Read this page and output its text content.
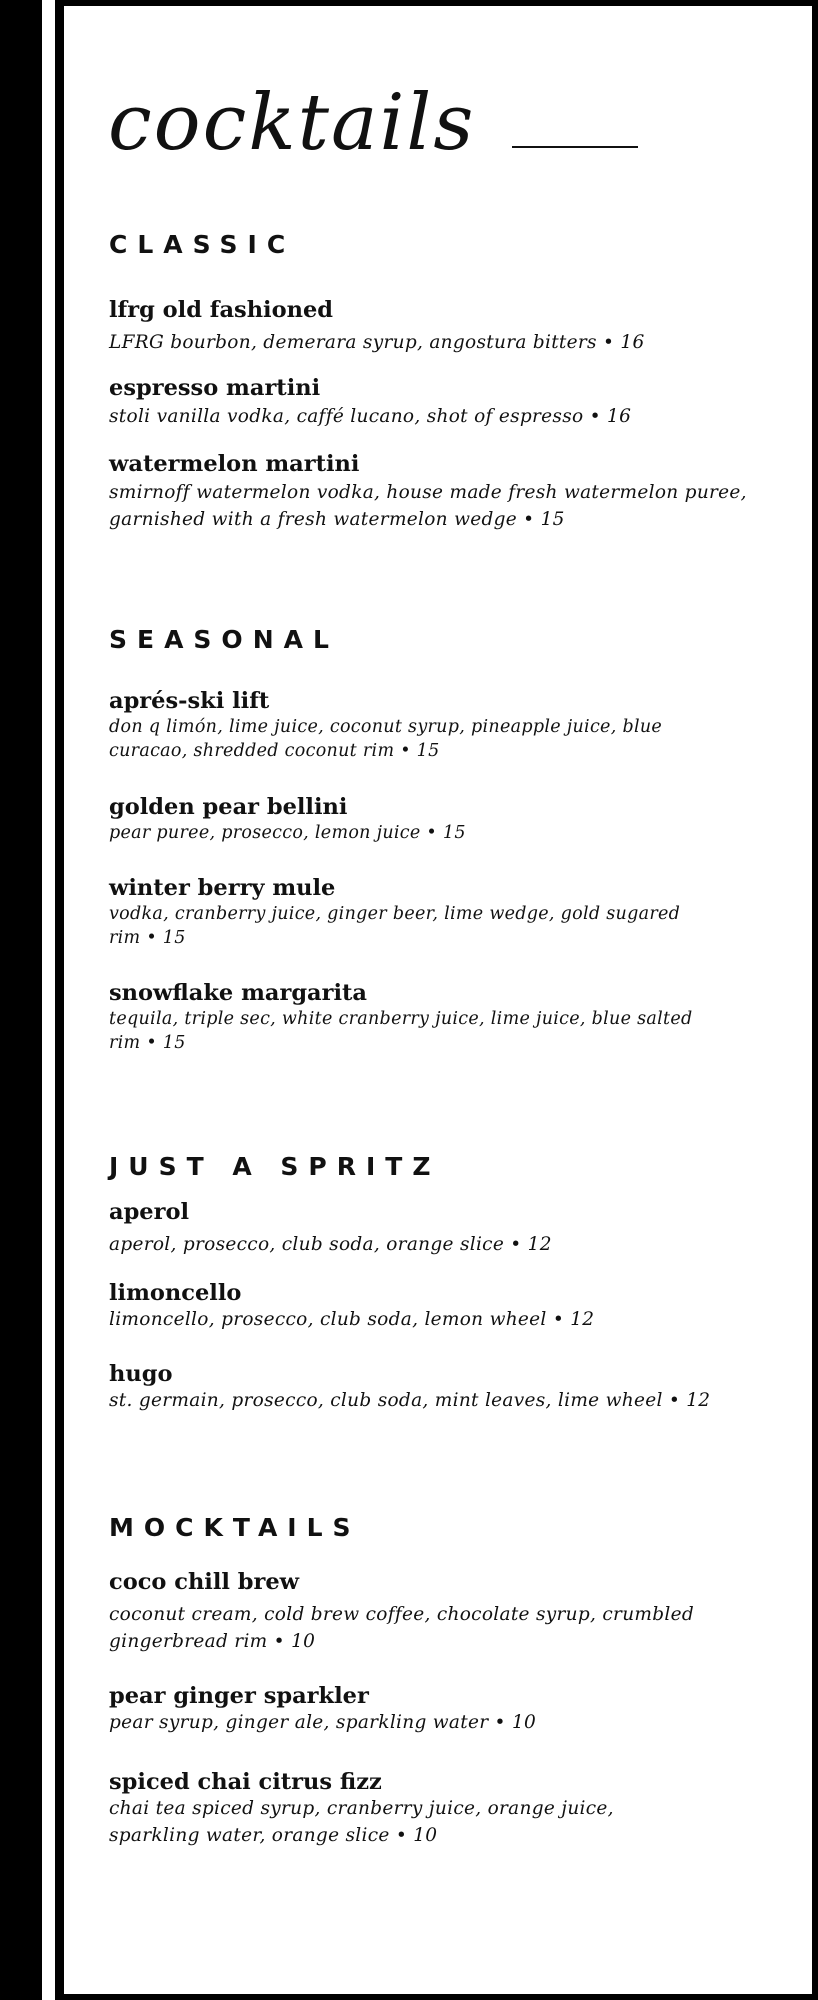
cocktails
CLASSIC
lfrg old fashioned
LFRG bourbon, demerara syrup, angostura bitters • 16
espresso martini
stoli vanilla vodka, caffé lucano, shot of espresso • 16
watermelon martini
smirnoff watermelon vodka, house made fresh watermelon puree, garnished with a fresh watermelon wedge • 15
SEASONAL
aprés-ski lift
don q limón, lime juice, coconut syrup, pineapple juice, blue curacao, shredded coconut rim • 15
golden pear bellini
pear puree, prosecco, lemon juice • 15
winter berry mule
vodka, cranberry juice, ginger beer, lime wedge, gold sugared rim • 15
snowflake margarita
tequila, triple sec, white cranberry juice, lime juice, blue salted rim • 15
JUST A SPRITZ
aperol
aperol, prosecco, club soda, orange slice • 12
limoncello
limoncello, prosecco, club soda, lemon wheel • 12
hugo
st. germain, prosecco, club soda, mint leaves, lime wheel • 12
MOCKTAILS
coco chill brew
coconut cream, cold brew coffee, chocolate syrup, crumbled gingerbread rim • 10
pear ginger sparkler
pear syrup, ginger ale, sparkling water • 10
spiced chai citrus fizz
chai tea spiced syrup, cranberry juice, orange juice, sparkling water, orange slice • 10
